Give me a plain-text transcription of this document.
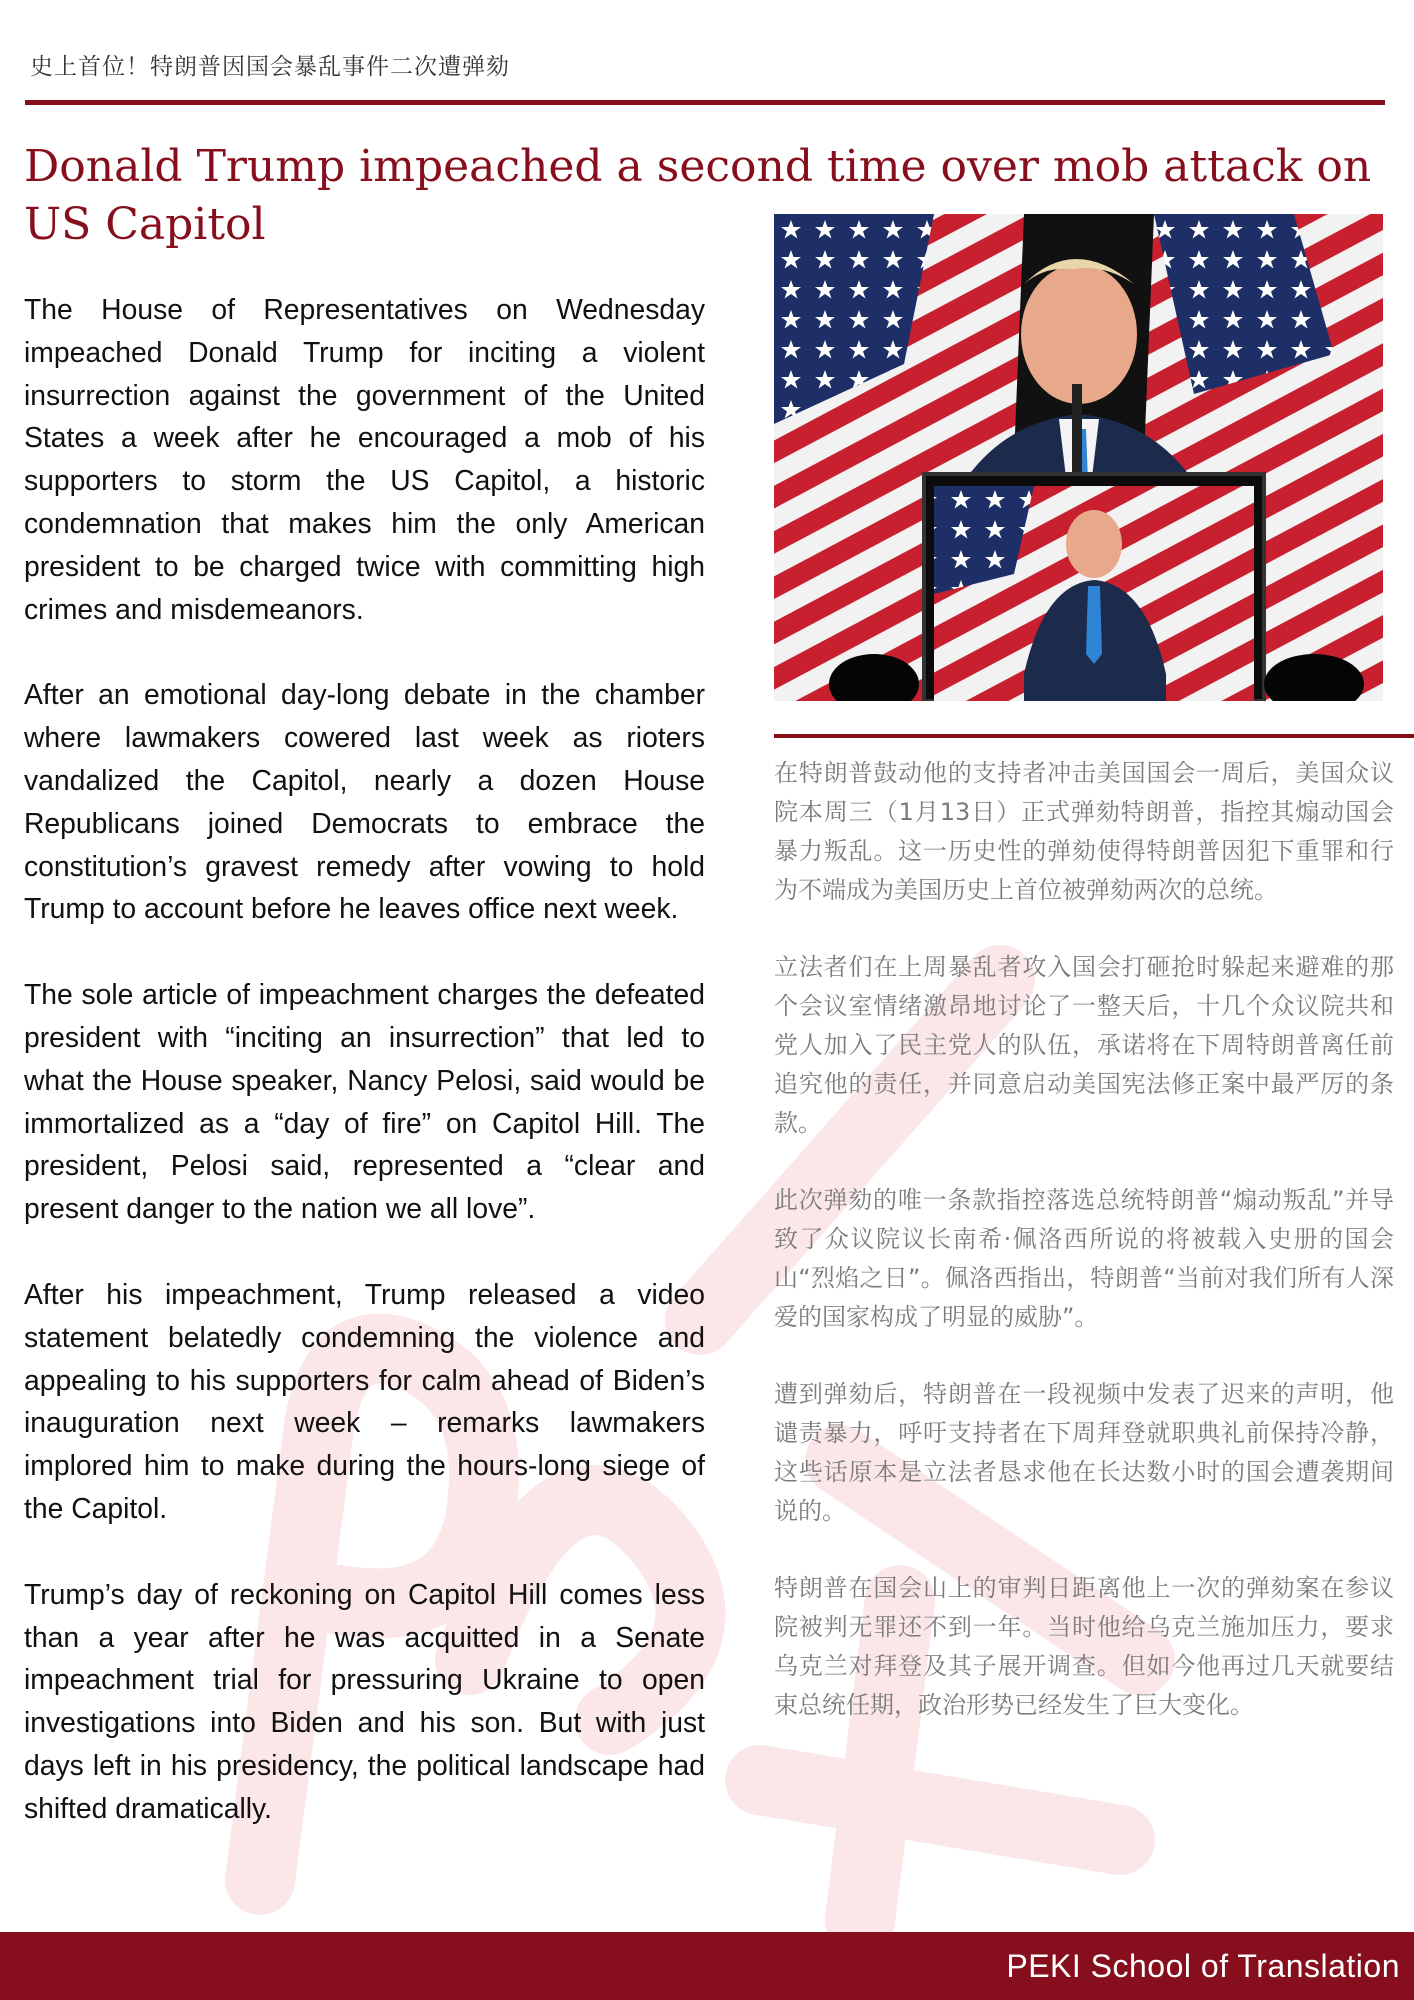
史上首位！特朗普因国会暴乱事件二次遭弹劾
Donald Trump impeached a second time over mob attack on US Capitol

The House of Representatives on Wednesday impeached Donald Trump for inciting a violent insurrection against the government of the United States a week after he encouraged a mob of his supporters to storm the US Capitol, a historic condemnation that makes him the only American president to be charged twice with committing high crimes and misdemeanors.

After an emotional day-long debate in the chamber where lawmakers cowered last week as rioters vandalized the Capitol, nearly a dozen House Republicans joined Democrats to embrace the constitution’s gravest remedy after vowing to hold Trump to account before he leaves office next week.

The sole article of impeachment charges the defeated president with “inciting an insurrection” that led to what the House speaker, Nancy Pelosi, said would be immortalized as a “day of fire” on Capitol Hill. The president, Pelosi said, represented a “clear and present danger to the nation we all love”.

After his impeachment, Trump released a video statement belatedly condemning the violence and appealing to his supporters for calm ahead of Biden’s inauguration next week – remarks lawmakers implored him to make during the hours-long siege of the Capitol.

Trump’s day of reckoning on Capitol Hill comes less than a year after he was acquitted in a Senate impeachment trial for pressuring Ukraine to open investigations into Biden and his son. But with just days left in his presidency, the political landscape had shifted dramatically.

在特朗普鼓动他的支持者冲击美国国会一周后，美国众议院本周三（1月13日）正式弹劾特朗普，指控其煽动国会暴力叛乱。这一历史性的弹劾使得特朗普因犯下重罪和行为不端成为美国历史上首位被弹劾两次的总统。

立法者们在上周暴乱者攻入国会打砸抢时躲起来避难的那个会议室情绪激昂地讨论了一整天后，十几个众议院共和党人加入了民主党人的队伍，承诺将在下周特朗普离任前追究他的责任，并同意启动美国宪法修正案中最严厉的条款。

此次弹劾的唯一条款指控落选总统特朗普“煽动叛乱”并导致了众议院议长南希·佩洛西所说的将被载入史册的国会山“烈焰之日”。佩洛西指出，特朗普“当前对我们所有人深爱的国家构成了明显的威胁”。

遭到弹劾后，特朗普在一段视频中发表了迟来的声明，他谴责暴力，呼吁支持者在下周拜登就职典礼前保持冷静，这些话原本是立法者恳求他在长达数小时的国会遭袭期间说的。

特朗普在国会山上的审判日距离他上一次的弹劾案在参议院被判无罪还不到一年。当时他给乌克兰施加压力，要求乌克兰对拜登及其子展开调查。但如今他再过几天就要结束总统任期，政治形势已经发生了巨大变化。

PEKI School of Translation
